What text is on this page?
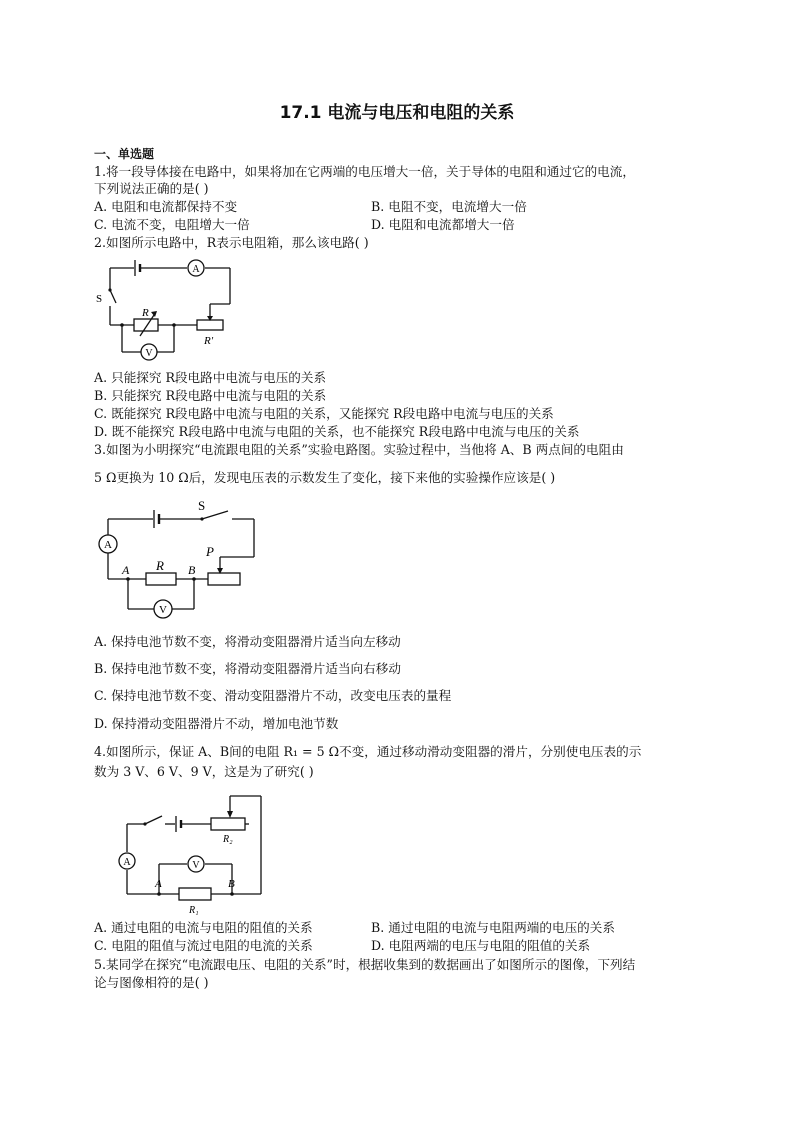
17.1 电流与电压和电阻的关系
一、单选题
1.将一段导体接在电路中，如果将加在它两端的电压增大一倍，关于导体的电阻和通过它的电流，
下列说法正确的是( )
A. 电阻和电流都保持不变	B. 电阻不变，电流增大一倍
C. 电流不变，电阻增大一倍	D. 电阻和电流都增大一倍
2.如图所示电路中，R表示电阻箱，那么该电路( )
A
V
S
R
R′
A. 只能探究 R段电路中电流与电压的关系
B. 只能探究 R段电路中电流与电阻的关系
C. 既能探究 R段电路中电流与电阻的关系，又能探究 R段电路中电流与电压的关系
D. 既不能探究 R段电路中电流与电阻的关系，也不能探究 R段电路中电流与电压的关系
3.如图为小明探究“电流跟电阻的关系”实验电路图。实验过程中，当他将 A、B 两点间的电阻由
5 Ω更换为 10 Ω后，发现电压表的示数发生了变化，接下来他的实验操作应该是( )
A
V
S
P
R
A	B
A. 保持电池节数不变，将滑动变阻器滑片适当向左移动
B. 保持电池节数不变，将滑动变阻器滑片适当向右移动
C. 保持电池节数不变、滑动变阻器滑片不动，改变电压表的量程
D. 保持滑动变阻器滑片不动，增加电池节数
4.如图所示，保证 A、B间的电阻 R₁ = 5 Ω不变，通过移动滑动变阻器的滑片，分别使电压表的示
数为 3 V、6 V、9 V，这是为了研究( )
A	V
R₂
R₁
A	B
A. 通过电阻的电流与电阻的阻值的关系	B. 通过电阻的电流与电阻两端的电压的关系
C. 电阻的阻值与流过电阻的电流的关系	D. 电阻两端的电压与电阻的阻值的关系
5.某同学在探究“电流跟电压、电阻的关系”时，根据收集到的数据画出了如图所示的图像，下列结
论与图像相符的是( )
